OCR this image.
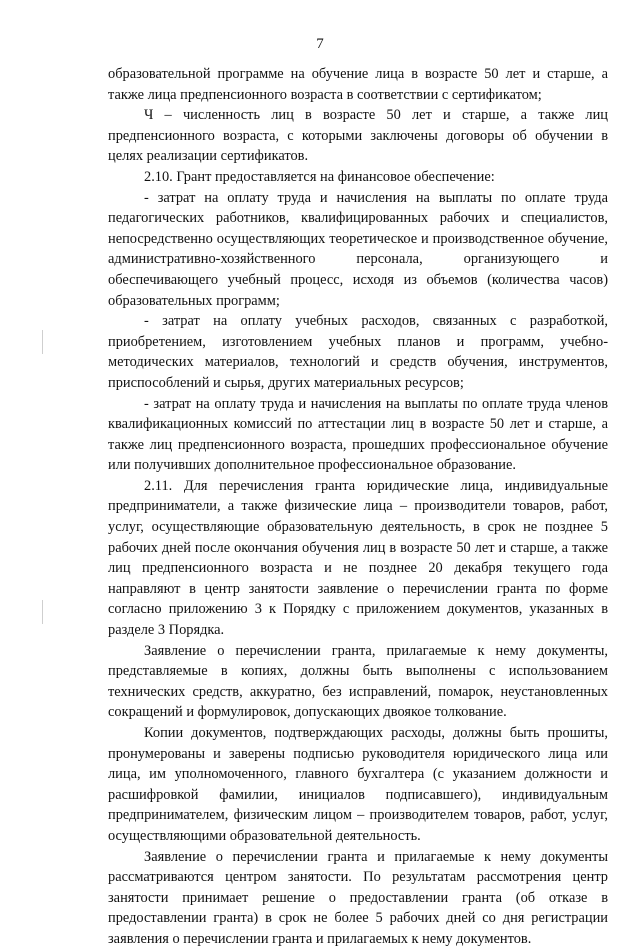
7

образовательной программе на обучение лица в возрасте 50 лет и старше, а также лица предпенсионного возраста в соответствии с сертификатом;

Ч – численность лиц в возрасте 50 лет и старше, а также лиц предпенсионного возраста, с которыми заключены договоры об обучении в целях реализации сертификатов.

2.10. Грант предоставляется на финансовое обеспечение:

- затрат на оплату труда и начисления на выплаты по оплате труда педагогических работников, квалифицированных рабочих и специалистов, непосредственно осуществляющих теоретическое и производственное обучение, административно-хозяйственного персонала, организующего и обеспечивающего учебный процесс, исходя из объемов (количества часов) образовательных программ;

- затрат на оплату учебных расходов, связанных с разработкой, приобретением, изготовлением учебных планов и программ, учебно-методических материалов, технологий и средств обучения, инструментов, приспособлений и сырья, других материальных ресурсов;

- затрат на оплату труда и начисления на выплаты по оплате труда членов квалификационных комиссий по аттестации лиц в возрасте 50 лет и старше, а также лиц предпенсионного возраста, прошедших профессиональное обучение или получивших дополнительное профессиональное образование.

2.11. Для перечисления гранта юридические лица, индивидуальные предприниматели, а также физические лица – производители товаров, работ, услуг, осуществляющие образовательную деятельность, в срок не позднее 5 рабочих дней после окончания обучения лиц в возрасте 50 лет и старше, а также лиц предпенсионного возраста и не позднее 20 декабря текущего года направляют в центр занятости заявление о перечислении гранта по форме согласно приложению 3 к Порядку с приложением документов, указанных в разделе 3 Порядка.

Заявление о перечислении гранта, прилагаемые к нему документы, представляемые в копиях, должны быть выполнены с использованием технических средств, аккуратно, без исправлений, помарок, неустановленных сокращений и формулировок, допускающих двоякое толкование.

Копии документов, подтверждающих расходы, должны быть прошиты, пронумерованы и заверены подписью руководителя юридического лица или лица, им уполномоченного, главного бухгалтера (с указанием должности и расшифровкой фамилии, инициалов подписавшего), индивидуальным предпринимателем, физическим лицом – производителем товаров, работ, услуг, осуществляющими образовательной деятельность.

Заявление о перечислении гранта и прилагаемые к нему документы рассматриваются центром занятости. По результатам рассмотрения центр занятости принимает решение о предоставлении гранта (об отказе в предоставлении гранта) в срок не более 5 рабочих дней со дня регистрации заявления о перечислении гранта и прилагаемых к нему документов.
